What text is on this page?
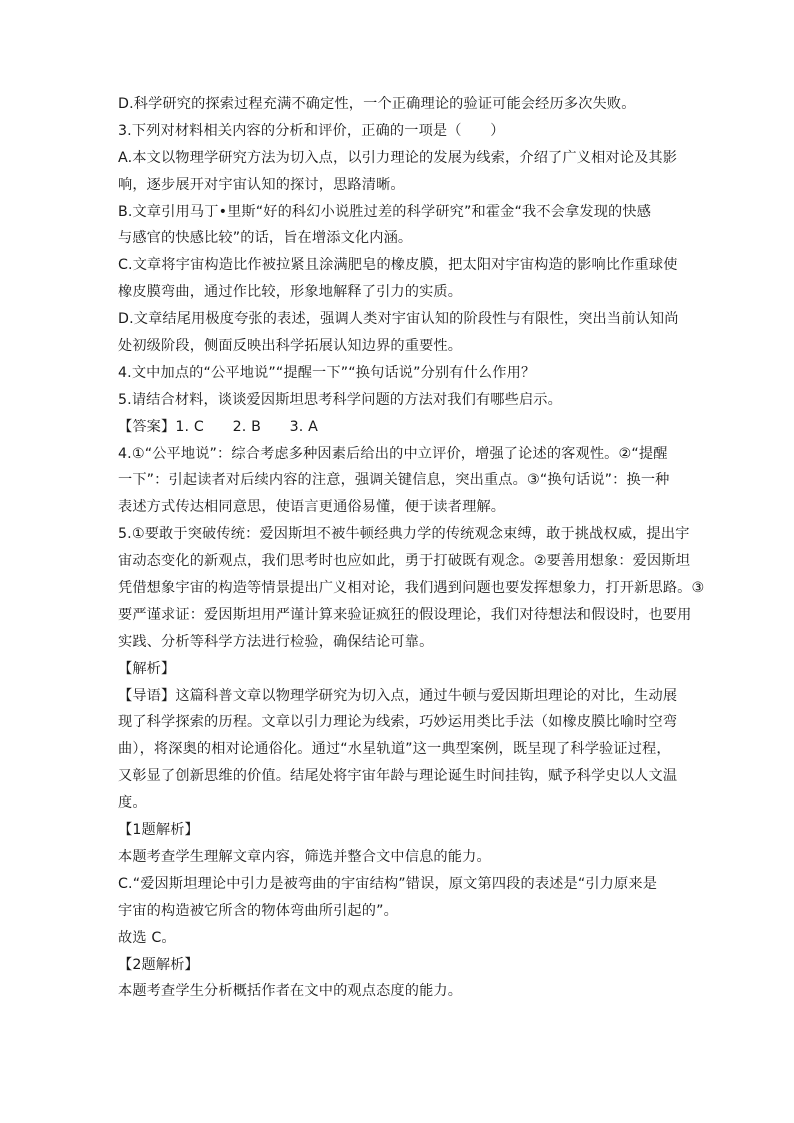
D.科学研究的探索过程充满不确定性，一个正确理论的验证可能会经历多次失败。
3.下列对材料相关内容的分析和评价，正确的一项是（　　）
A.本文以物理学研究方法为切入点，以引力理论的发展为线索，介绍了广义相对论及其影
响，逐步展开对宇宙认知的探讨，思路清晰。
B.文章引用马丁•里斯“好的科幻小说胜过差的科学研究”和霍金“我不会拿发现的快感
与感官的快感比较”的话，旨在增添文化内涵。
C.文章将宇宙构造比作被拉紧且涂满肥皂的橡皮膜，把太阳对宇宙构造的影响比作重球使
橡皮膜弯曲，通过作比较，形象地解释了引力的实质。
D.文章结尾用极度夸张的表述，强调人类对宇宙认知的阶段性与有限性，突出当前认知尚
处初级阶段，侧面反映出科学拓展认知边界的重要性。
4.文中加点的“公平地说”“提醒一下”“换句话说”分别有什么作用？
5.请结合材料，谈谈爱因斯坦思考科学问题的方法对我们有哪些启示。
【答案】1. C　　2. B　　3. A
4.①“公平地说”：综合考虑多种因素后给出的中立评价，增强了论述的客观性。②“提醒
一下”：引起读者对后续内容的注意，强调关键信息，突出重点。③“换句话说”：换一种
表述方式传达相同意思，使语言更通俗易懂，便于读者理解。
5.①要敢于突破传统：爱因斯坦不被牛顿经典力学的传统观念束缚，敢于挑战权威，提出宇
宙动态变化的新观点，我们思考时也应如此，勇于打破既有观念。②要善用想象：爱因斯坦
凭借想象宇宙的构造等情景提出广义相对论，我们遇到问题也要发挥想象力，打开新思路。③
要严谨求证：爱因斯坦用严谨计算来验证疯狂的假设理论，我们对待想法和假设时，也要用
实践、分析等科学方法进行检验，确保结论可靠。
【解析】
【导语】这篇科普文章以物理学研究为切入点，通过牛顿与爱因斯坦理论的对比，生动展
现了科学探索的历程。文章以引力理论为线索，巧妙运用类比手法（如橡皮膜比喻时空弯
曲），将深奥的相对论通俗化。通过“水星轨道”这一典型案例，既呈现了科学验证过程，
又彰显了创新思维的价值。结尾处将宇宙年龄与理论诞生时间挂钩，赋予科学史以人文温
度。
【1题解析】
本题考查学生理解文章内容，筛选并整合文中信息的能力。
C.“爱因斯坦理论中引力是被弯曲的宇宙结构”错误，原文第四段的表述是“引力原来是
宇宙的构造被它所含的物体弯曲所引起的”。
故选 C。
【2题解析】
本题考查学生分析概括作者在文中的观点态度的能力。
